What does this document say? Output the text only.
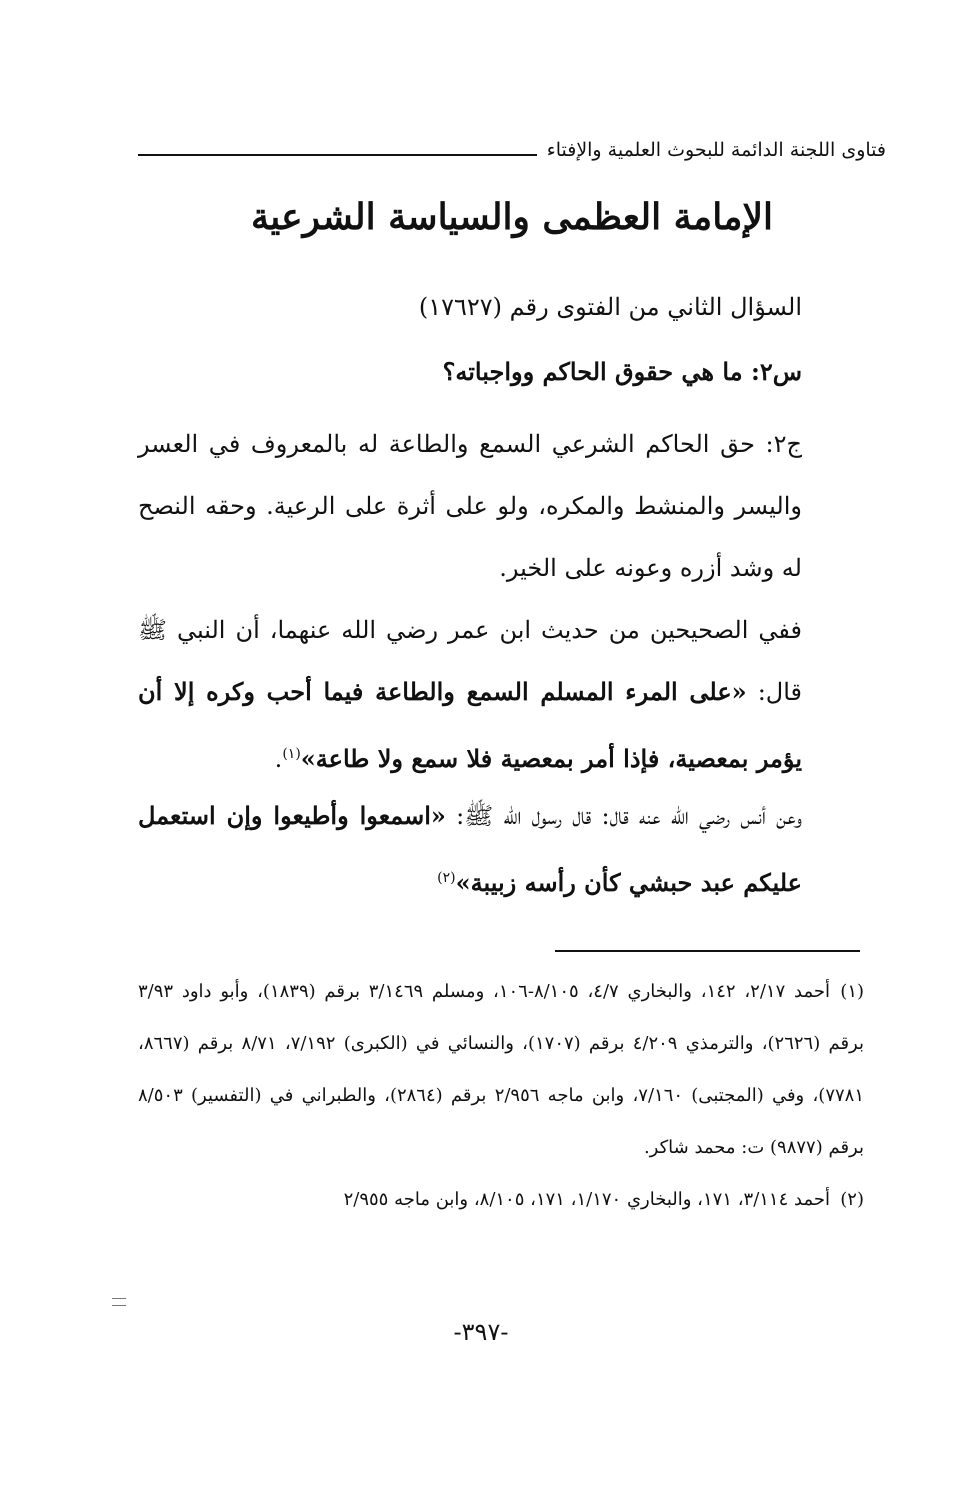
فتاوى اللجنة الدائمة للبحوث العلمية والإفتاء
الإمامة العظمى والسياسة الشرعية
السؤال الثاني من الفتوى رقم (١٧٦٢٧)
س٢: ما هي حقوق الحاكم وواجباته؟
ج٢: حق الحاكم الشرعي السمع والطاعة له بالمعروف في العسر واليسر والمنشط والمكره، ولو على أثرة على الرعية. وحقه النصح له وشد أزره وعونه على الخير.
ففي الصحيحين من حديث ابن عمر رضي الله عنهما، أن النبي ﷺ قال: «على المرء المسلم السمع والطاعة فيما أحب وكره إلا أن يؤمر بمعصية، فإذا أمر بمعصية فلا سمع ولا طاعة»$^{(١)}$.
وعن أنس رضي الله عنه قال: قال رسول الله ﷺ: «اسمعوا وأطيعوا وإن استعمل عليكم عبد حبشي كأن رأسه زبيبة»$^{(٢)}$
(١)أحمد ٢/١٧، ١٤٢، والبخاري ٤/٧، ٨/١٠٥-١٠٦، ومسلم ٣/١٤٦٩ برقم (١٨٣٩)، وأبو داود ٣/٩٣ برقم (٢٦٢٦)، والترمذي ٤/٢٠٩ برقم (١٧٠٧)، والنسائي في (الكبرى) ٧/١٩٢، ٨/٧١ برقم (٨٦٦٧، ٧٧٨١)، وفي (المجتبى) ٧/١٦٠، وابن ماجه ٢/٩٥٦ برقم (٢٨٦٤)، والطبراني في (التفسير) ٨/٥٠٣ برقم (٩٨٧٧) ت: محمد شاكر.
(٢)أحمد ٣/١١٤، ١٧١، والبخاري ١/١٧٠، ١٧١، ٨/١٠٥، وابن ماجه ٢/٩٥٥
-٣٩٧-
